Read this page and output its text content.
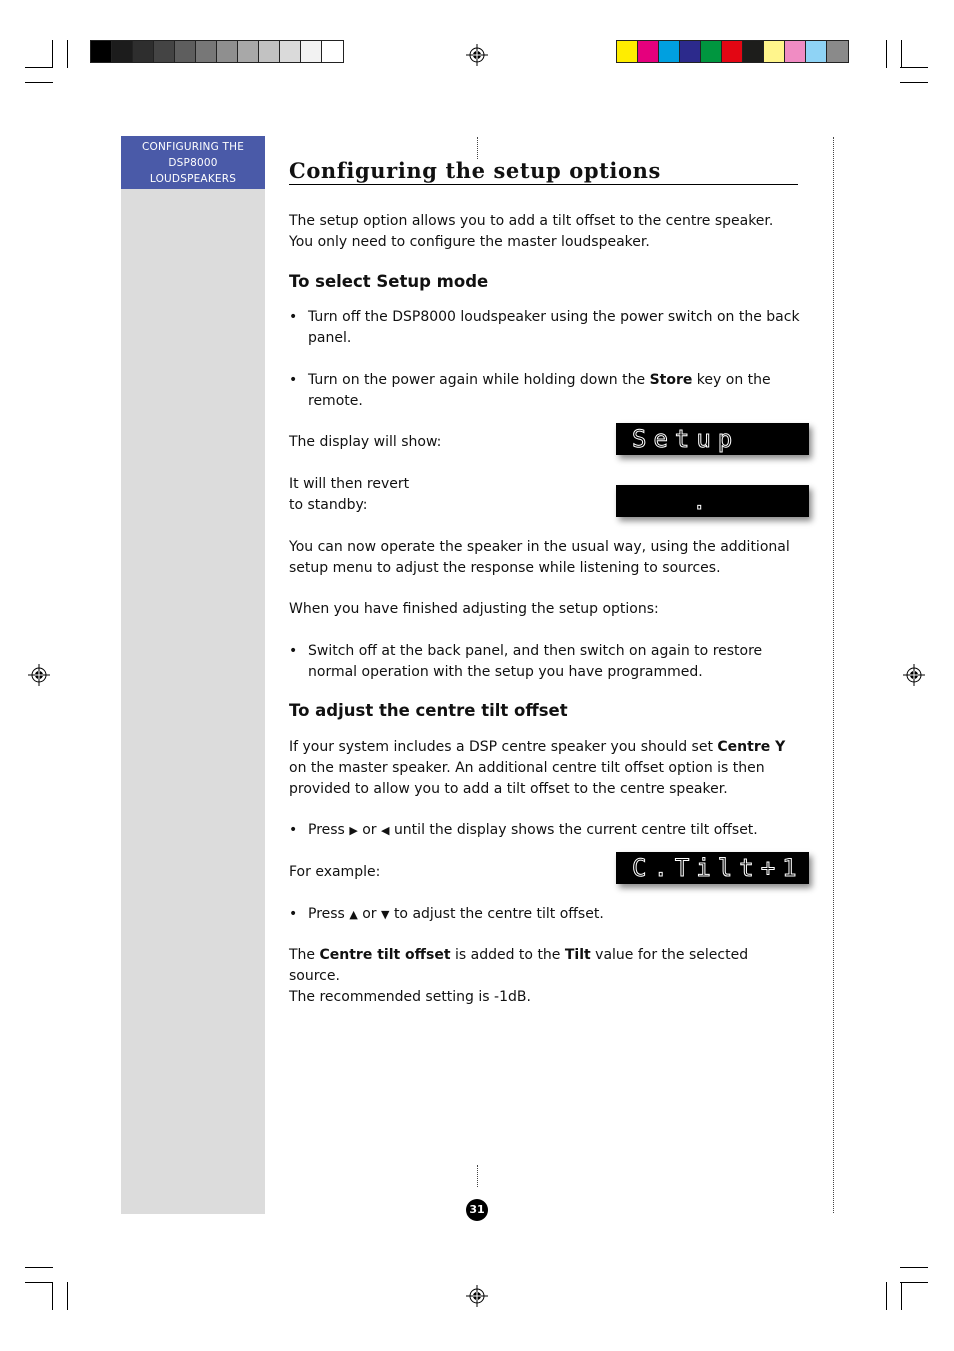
CONFIGURING THE
DSP8000
LOUDSPEAKERS	Configuring the setup options

The setup option allows you to add a tilt offset to the centre speaker. You only need to configure the master loudspeaker.

To select Setup mode
• Turn off the DSP8000 loudspeaker using the power switch on the back panel.
• Turn on the power again while holding down the Store key on the remote.
The display will show:	Setup
It will then revert
to standby:	.

You can now operate the speaker in the usual way, using the additional setup menu to adjust the response while listening to sources.

When you have finished adjusting the setup options:

• Switch off at the back panel, and then switch on again to restore normal operation with the setup you have programmed.
To adjust the centre tilt offset

If your system includes a DSP centre speaker you should set Centre Y on the master speaker. An additional centre tilt offset option is then provided to allow you to add a tilt offset to the centre speaker.

• Press ▶ or ◀ until the display shows the current centre tilt offset.
For example:	C.Tilt+1
• Press ▲ or ▼ to adjust the centre tilt offset.

The Centre tilt offset is added to the Tilt value for the selected source.
The recommended setting is -1dB.

31
